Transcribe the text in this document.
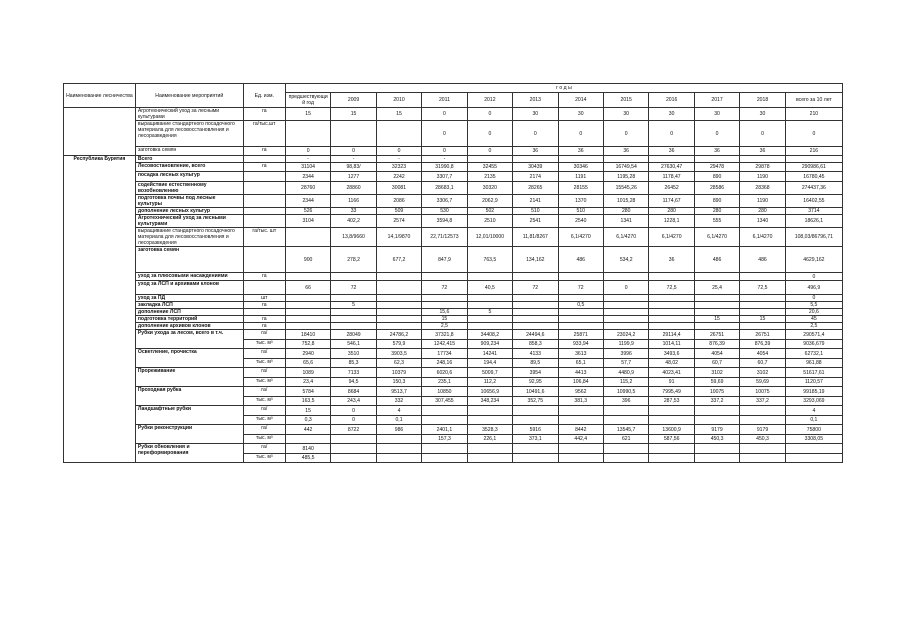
Наименование лесничества	Наименование мероприятий	Ед. изм.	г о д ы											
			предшествующий год	2009	2010	2011	2012	2013	2014	2015	2016	2017	2018	всего за 10 лет
	Агротехнический уход за лесными культурами	га	15	15	15	0	0	30	30	30	30	30	30	210
	выращивание стандартного посадочного материала для лесовосстановления и лесоразведения	га/тыс.шт				0	0	0	0	0	0	0	0	0
	заготовка семян	га	0	0	0	0	0	36	36	36	36	36	36	216
Республика Бурятия	Всего		-	-	-	-								
	Лесовостановление, всего	га	31104	98,83/	32323	31990,8	32455	30439	30346	16749,54	27630,47	29478	29878	290986,61
	посадка лесных культур		2344	1277	2242	3307,7	2135	2174	1191	1195,28	1178,47	890	1190	16780,45
	содействие естественному возобновлению		28760	28860	30081	28683,1	30320	28265	28155	15545,26	26452	28586	28368	274437,36
	подготовка почвы под лесные культуры		2344	1166	2086	3306,7	2062,9	2141	1370	1015,28	1174,67	890	1190	16402,55
	дополнение лесных культур		526	33	509	530	502	510	510	280	280	280	280	3714
	Агротехнический уход за лесными культурами		3104	402,2	2574	3594,8	2510	2541	2540	1341	1228,1	555	1340	18626,1
	выращивание стандартного посадочного материала для лесовосстановления и лесоразведения	га/тыс. шт		13,8/9660	14,1/9870	22,71/12573	12,01/10000	11,81/8267	6,1/4270	6,1/4270	6,1/4270	6,1/4270	6,1/4270	108,03/86796,71
	заготовка семян		900	278,2	677,2	847,9	763,5	134,162	486	534,2	36	486	486	4629,162
	уход за плюсовыми насаждениями	га												0
	уход за ЛСП и архивами клонов		66	72		72	40,5	72	72	0	72,5	25,4	72,5	496,9
	уход за ПД	шт												0
	закладка ЛСП	га		5					0,5					5,5
	дополнение ЛСП					15,6	5							20,6
	подготовка территорий	га				15						15	15	45
	дополнение архивов клонов	га				2,5								2,5
	Рубки ухода за лесом, всего в т.ч.	га/	18410	28049	24786,2	37321,8	34408,2	24494,6	25871	23024,2	29114,4	26751	26751	290571,4
		тыс. м³	752,8	546,1	579,9	1242,415	909,234	858,3	933,94	1199,9	1014,11	876,39	876,39	9036,679
	Осветление, прочистка	га/	2940	3510	3903,5	17734	14241	4133	3613	3996	3493,6	4054	4054	62732,1
		тыс. м³	65,6	85,3	62,3	248,16	194,4	89,5	65,1	57,7	48,02	60,7	60,7	961,88
	Прореживание	га/	1089	7133	10379	6020,6	5009,7	3954	4413	4480,9	4023,41	3102	3102	51617,61
		тыс. м³	23,4	94,5	150,3	235,1	112,2	92,95	106,84	115,2	91	59,69	59,69	1120,57
	Проходная рубка	га/	5784	8684	9513,7	10850	10656,9	10491,6	9562	10990,5	7995,49	10075	10075	99185,19
		тыс. м³	163,5	243,4	332	307,455	348,234	352,75	381,3	396	287,53	337,2	337,2	3293,069
	Ландшафтные рубки	га/	15	0	4									4
		тыс. м³	0,3	0	0,1									0,1
	Рубки реконструкции	га/	442	8722	986	2401,1	3528,3	5916	8442	13545,7	13600,9	9179	9179	75800
		тыс. м³				157,3	226,1	373,1	442,4	621	587,56	450,3	450,3	3308,05
	Рубки обновления и переформирования	га/	8140											
		тыс. м³	485,5											
